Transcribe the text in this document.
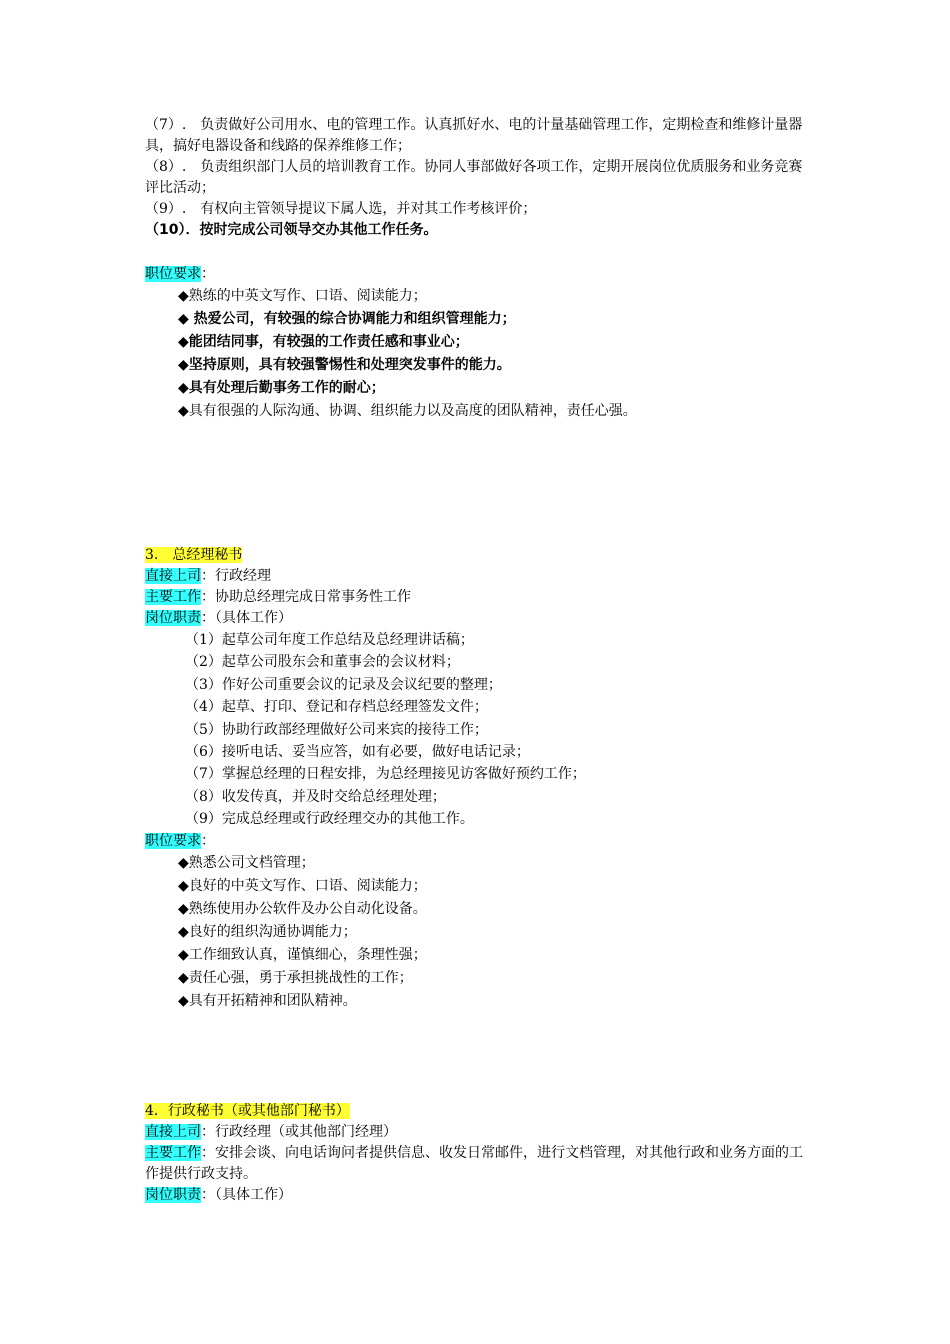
（7）.　负责做好公司用水、电的管理工作。认真抓好水、电的计量基础管理工作，定期检查和维修计量器具，搞好电器设备和线路的保养维修工作；

（8）.　负责组织部门人员的培训教育工作。协同人事部做好各项工作，定期开展岗位优质服务和业务竞赛评比活动；

（9）.　有权向主管领导提议下属人选，并对其工作考核评价；

（10）．按时完成公司领导交办其他工作任务。

职位要求：

◆熟练的中英文写作、口语、阅读能力；

◆ 热爱公司，有较强的综合协调能力和组织管理能力；

◆能团结同事，有较强的工作责任感和事业心；

◆坚持原则，具有较强警惕性和处理突发事件的能力。

◆具有处理后勤事务工作的耐心；

◆具有很强的人际沟通、协调、组织能力以及高度的团队精神，责任心强。

3.　总经理秘书

直接上司：行政经理

主要工作：协助总经理完成日常事务性工作

岗位职责：（具体工作）

（1）起草公司年度工作总结及总经理讲话稿；

（2）起草公司股东会和董事会的会议材料；

（3）作好公司重要会议的记录及会议纪要的整理；

（4）起草、打印、登记和存档总经理签发文件；

（5）协助行政部经理做好公司来宾的接待工作；

（6）接听电话、妥当应答，如有必要，做好电话记录；

（7）掌握总经理的日程安排，为总经理接见访客做好预约工作；

（8）收发传真，并及时交给总经理处理；

（9）完成总经理或行政经理交办的其他工作。

职位要求：

◆熟悉公司文档管理；

◆良好的中英文写作、口语、阅读能力；

◆熟练使用办公软件及办公自动化设备。

◆良好的组织沟通协调能力；

◆工作细致认真，谨慎细心，条理性强；

◆责任心强，勇于承担挑战性的工作；

◆具有开拓精神和团队精神。

4．行政秘书（或其他部门秘书）

直接上司：行政经理（或其他部门经理）

主要工作：安排会谈、向电话询问者提供信息、收发日常邮件，进行文档管理，对其他行政和业务方面的工作提供行政支持。

岗位职责：（具体工作）
